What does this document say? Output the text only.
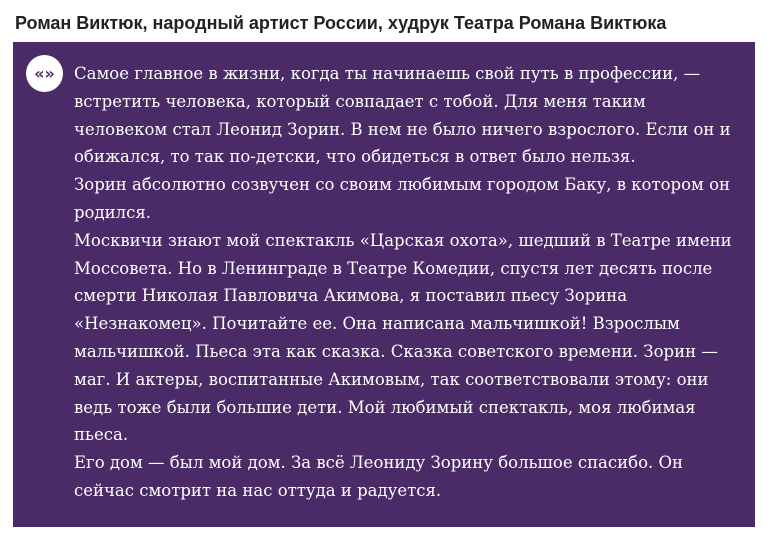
Роман Виктюк, народный артист России, худрук Театра Романа Виктюка
«»	Самое главное в жизни, когда ты начинаешь свой путь в профессии, — встретить человека, который совпадает с тобой. Для меня таким человеком стал Леонид Зорин. В нем не было ничего взрослого. Если он и обижался, то так по-детски, что обидеться в ответ было нельзя.

Зорин абсолютно созвучен со своим любимым городом Баку, в котором он родился.

Москвичи знают мой спектакль «Царская охота», шедший в Театре имени Моссовета. Но в Ленинграде в Театре Комедии, спустя лет десять после смерти Николая Павловича Акимова, я поставил пьесу Зорина «Незнакомец». Почитайте ее. Она написана мальчишкой! Взрослым мальчишкой. Пьеса эта как сказка. Сказка советского времени. Зорин — маг. И актеры, воспитанные Акимовым, так соответствовали этому: они ведь тоже были большие дети. Мой любимый спектакль, моя любимая пьеса.

Его дом — был мой дом. За всё Леониду Зорину большое спасибо. Он сейчас смотрит на нас оттуда и радуется.
